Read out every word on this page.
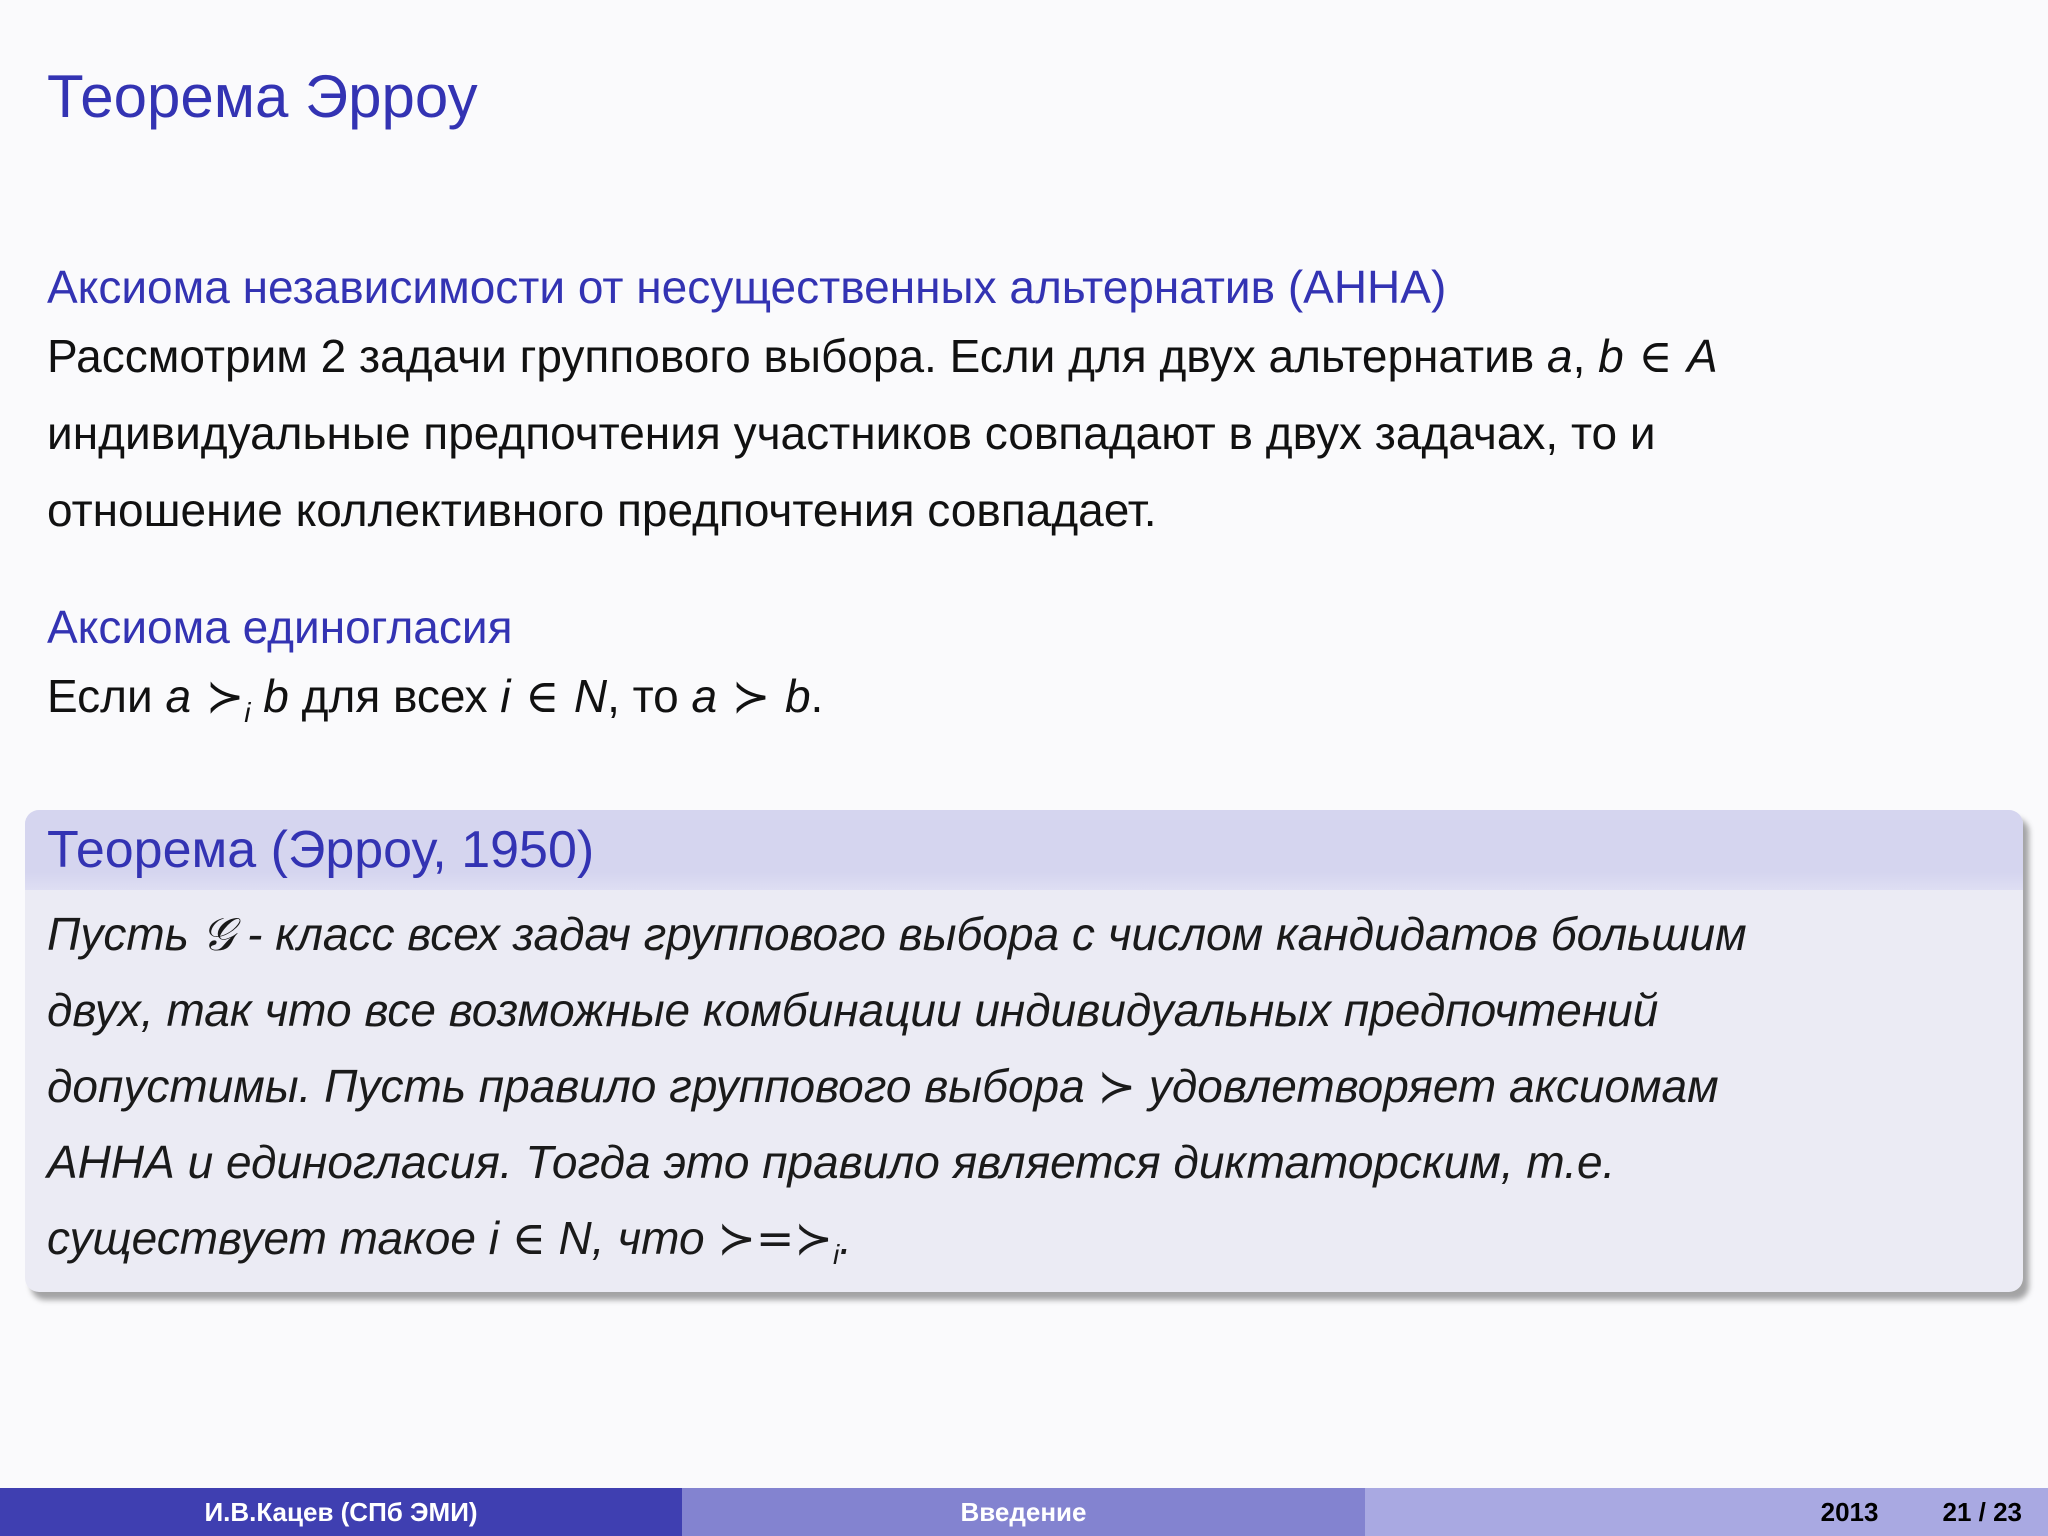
Теорема Эрроу
Аксиома независимости от несущественных альтернатив (АННА)
Рассмотрим 2 задачи группового выбора. Если для двух альтернатив a, b ∈ A
индивидуальные предпочтения участников совпадают в двух задачах, то и
отношение коллективного предпочтения совпадает.
Аксиома единогласия
Если a $≻_i$ b для всех i ∈ N, то a ≻ b.
Теорема (Эрроу, 1950)
Пусть 𝒢 - класс всех задач группового выбора с числом кандидатов большим
двух, так что все возможные комбинации индивидуальных предпочтений
допустимы. Пусть правило группового выбора ≻ удовлетворяет аксиомам
АННА и единогласия. Тогда это правило является диктаторским, т.е.
существует такое i ∈ N, что $≻=≻_i$.
И.В.Кацев (СПб ЭМИ)	Введение	2013 21 / 23
